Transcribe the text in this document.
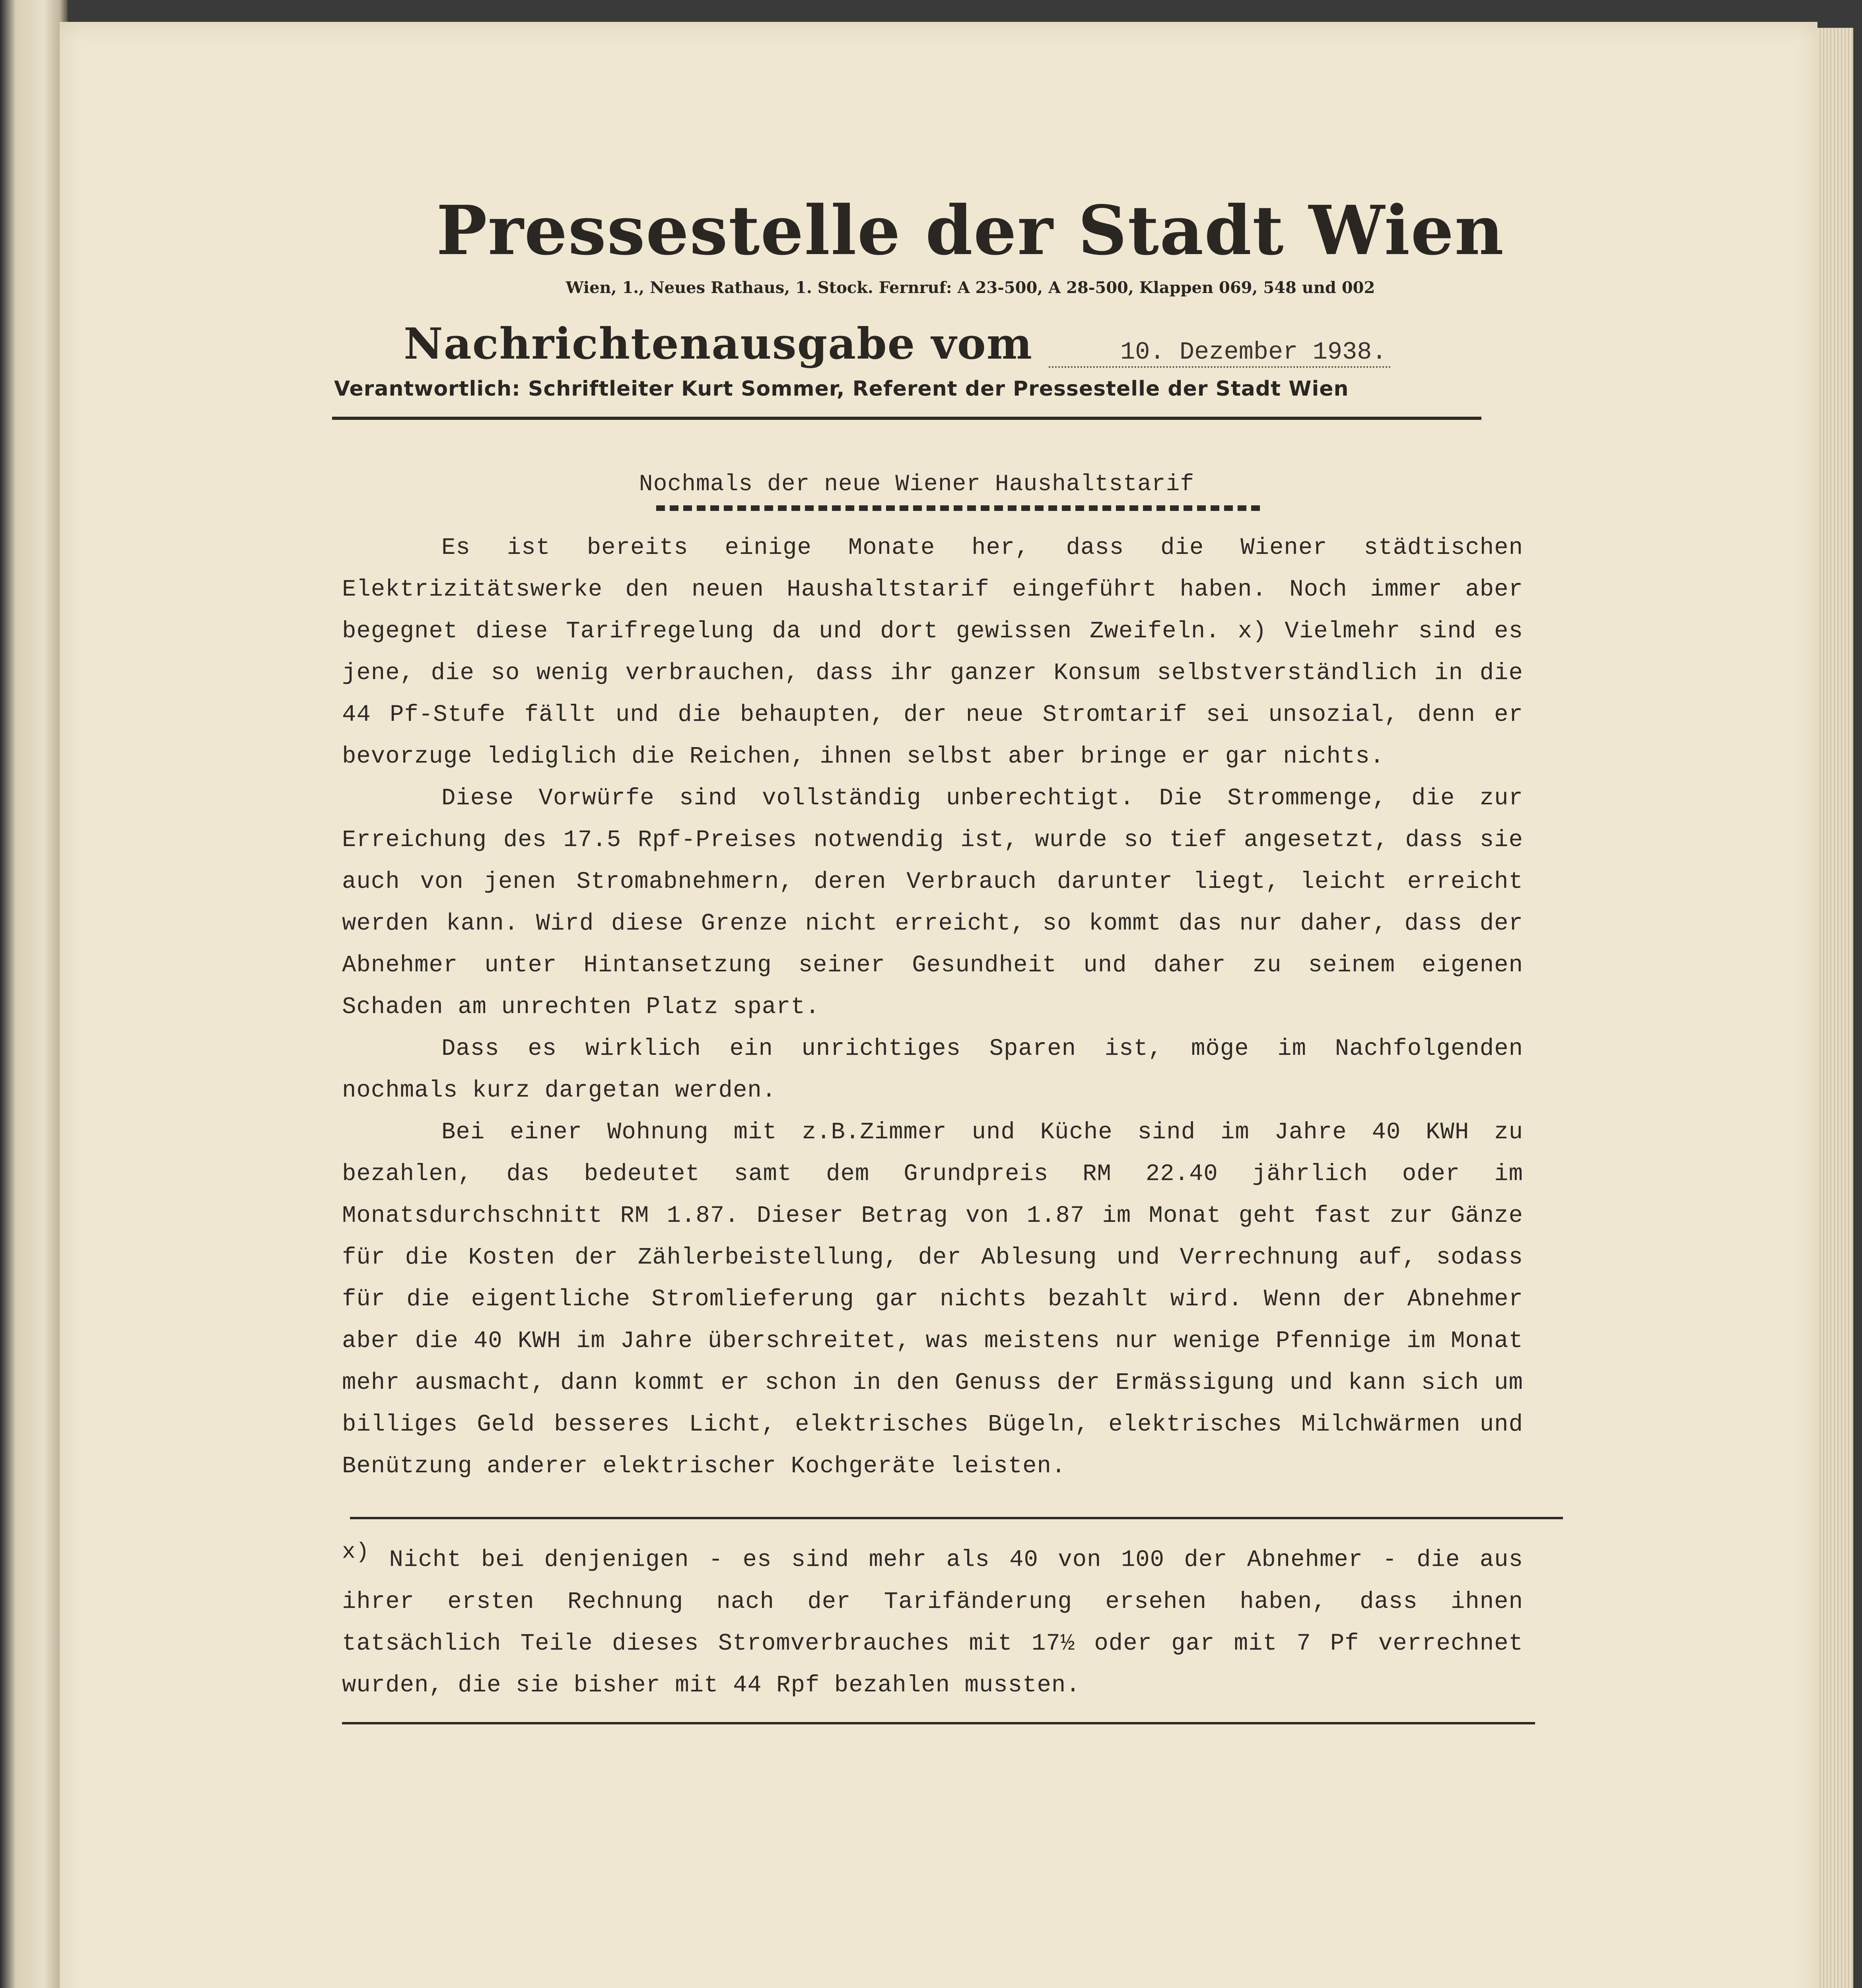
Pressestelle der Stadt Wien
Wien, 1., Neues Rathaus, 1. Stock. Fernruf: A 23-500, A 28-500, Klappen 069, 548 und 002
Nachrichtenausgabe vom	10. Dezember 1938.
Verantwortlich: Schriftleiter Kurt Sommer, Referent der Pressestelle der Stadt Wien
Nochmals der neue Wiener Haushaltstarif

Es ist bereits einige Monate her, dass die Wiener städtischen Elektrizitätswerke den neuen Haushaltstarif eingeführt haben. Noch immer aber begegnet diese Tarifregelung da und dort gewissen Zweifeln. x) Vielmehr sind es jene, die so wenig verbrauchen, dass ihr ganzer Konsum selbstverständlich in die 44 Pf-Stufe fällt und die behaupten, der neue Stromtarif sei unsozial, denn er bevorzuge lediglich die Reichen, ihnen selbst aber bringe er gar nichts.

Diese Vorwürfe sind vollständig unberechtigt. Die Strommenge, die zur Erreichung des 17.5 Rpf-Preises notwendig ist, wurde so tief angesetzt, dass sie auch von jenen Stromabnehmern, deren Verbrauch darunter liegt, leicht erreicht werden kann. Wird diese Grenze nicht erreicht, so kommt das nur daher, dass der Abnehmer unter Hintansetzung seiner Gesundheit und daher zu seinem eigenen Schaden am unrechten Platz spart.

Dass es wirklich ein unrichtiges Sparen ist, möge im Nachfolgenden nochmals kurz dargetan werden.

Bei einer Wohnung mit z.B.Zimmer und Küche sind im Jahre 40 KWH zu bezahlen, das bedeutet samt dem Grundpreis RM 22.40 jährlich oder im Monatsdurchschnitt RM 1.87. Dieser Betrag von 1.87 im Monat geht fast zur Gänze für die Kosten der Zählerbeistellung, der Ablesung und Verrechnung auf, sodass für die eigentliche Stromlieferung gar nichts bezahlt wird. Wenn der Abnehmer aber die 40 KWH im Jahre überschreitet, was meistens nur wenige Pfennige im Monat mehr ausmacht, dann kommt er schon in den Genuss der Ermässigung und kann sich um billiges Geld besseres Licht, elektrisches Bügeln, elektrisches Milchwärmen und Benützung anderer elektrischer Kochgeräte leisten.

x) Nicht bei denjenigen - es sind mehr als 40 von 100 der Abnehmer - die aus ihrer ersten Rechnung nach der Tarifänderung ersehen haben, dass ihnen tatsächlich Teile dieses Stromverbrauches mit 17½ oder gar mit 7 Pf verrechnet wurden, die sie bisher mit 44 Rpf bezahlen mussten.
